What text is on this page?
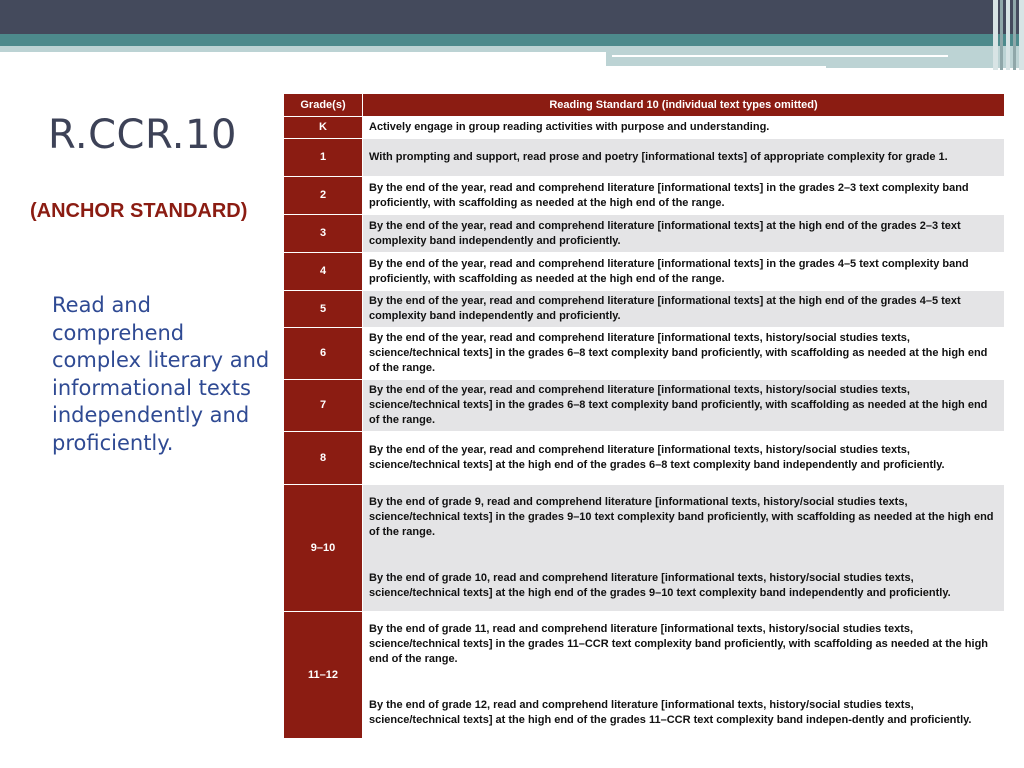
R.CCR.10
(ANCHOR STANDARD)
Read and comprehend complex literary and informational texts independently and proficiently.
Grade(s)	Reading Standard 10 (individual text types omitted)
K	Actively engage in group reading activities with purpose and understanding.

1	With prompting and support, read prose and poetry [informational texts] of appropriate complexity for grade 1.

2	By the end of the year, read and comprehend literature [informational texts] in the grades 2–3 text complexity band proficiently, with scaffolding as needed at the high end of the range.

3	By the end of the year, read and comprehend literature [informational texts] at the high end of the grades 2–3 text complexity band independently and proficiently.

4	By the end of the year, read and comprehend literature [informational texts] in the grades 4–5 text complexity band proficiently, with scaffolding as needed at the high end of the range.

5	By the end of the year, read and comprehend literature [informational texts] at the high end of the grades 4–5 text complexity band independently and proficiently.

6	By the end of the year, read and comprehend literature [informational texts, history/social studies texts, science/technical texts] in the grades 6–8 text complexity band proficiently, with scaffolding as needed at the high end of the range.

7	By the end of the year, read and comprehend literature [informational texts, history/social studies texts, science/technical texts] in the grades 6–8 text complexity band proficiently, with scaffolding as needed at the high end of the range.

8	By the end of the year, read and comprehend literature [informational texts, history/social studies texts, science/technical texts] at the high end of the grades 6–8 text complexity band independently and proficiently.

9–10	By the end of grade 9, read and comprehend literature [informational texts, history/social studies texts, science/technical texts] in the grades 9–10 text complexity band proficiently, with scaffolding as needed at the high end of the range.
By the end of grade 10, read and comprehend literature [informational texts, history/social studies texts, science/technical texts] at the high end of the grades 9–10 text complexity band independently and proficiently.

11–12	By the end of grade 11, read and comprehend literature [informational texts, history/social studies texts, science/technical texts] in the grades 11–CCR text complexity band proficiently, with scaffolding as needed at the high end of the range.
By the end of grade 12, read and comprehend literature [informational texts, history/social studies texts, science/technical texts] at the high end of the grades 11–CCR text complexity band indepen-dently and proficiently.
